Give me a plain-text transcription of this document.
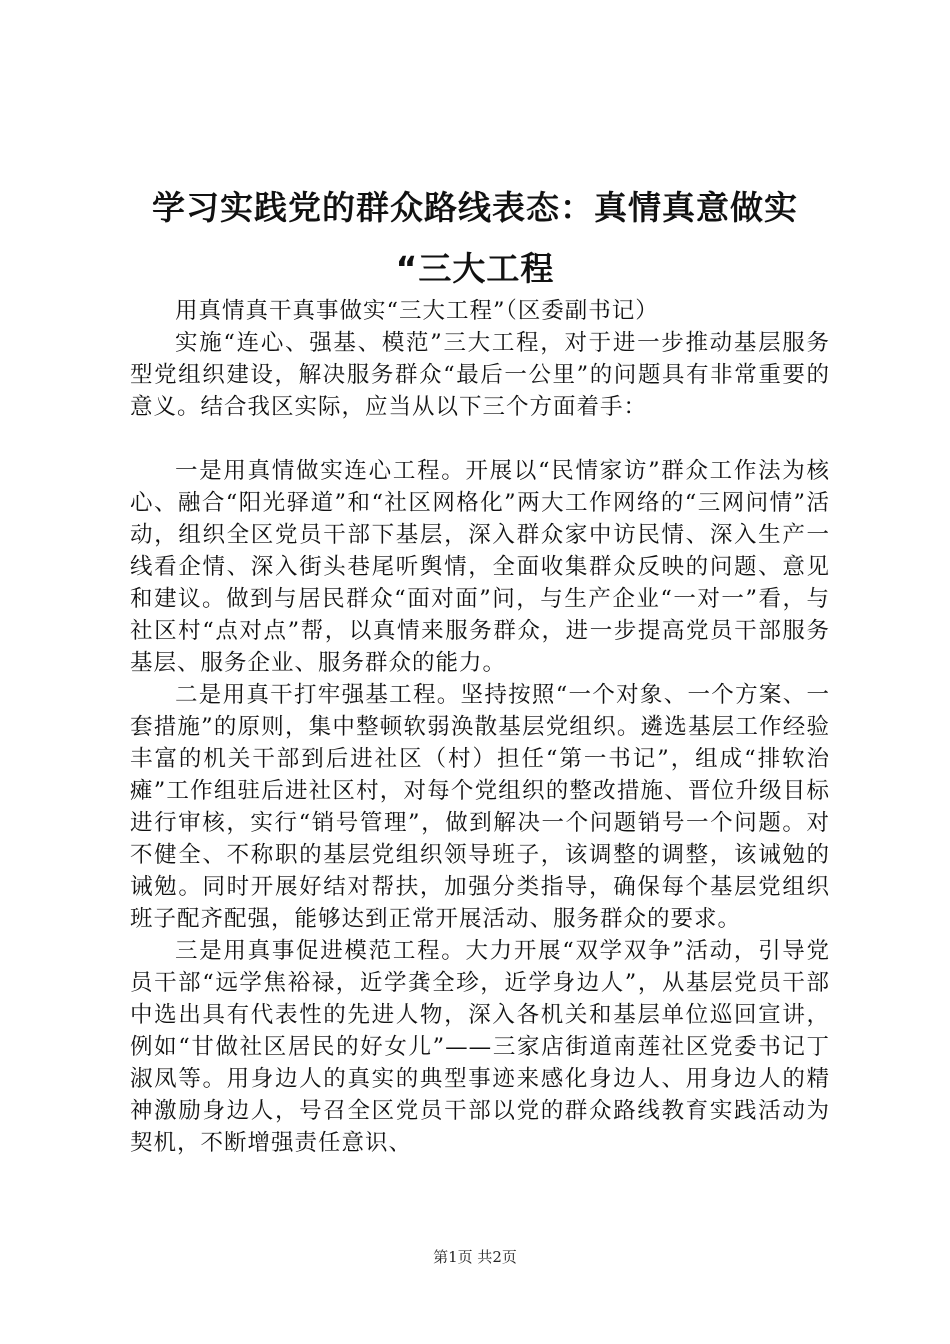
学习实践党的群众路线表态：真情真意做实
“三大工程

用真情真干真事做实“三大工程”（区委副书记）

实施“连心、强基、模范”三大工程，对于进一步推动基层服务型党组织建设，解决服务群众“最后一公里”的问题具有非常重要的意义。结合我区实际，应当从以下三个方面着手：

一是用真情做实连心工程。开展以“民情家访”群众工作法为核心、融合“阳光驿道”和“社区网格化”两大工作网络的“三网问情”活动，组织全区党员干部下基层，深入群众家中访民情、深入生产一线看企情、深入街头巷尾听舆情，全面收集群众反映的问题、意见和建议。做到与居民群众“面对面”问，与生产企业“一对一”看，与社区村“点对点”帮，以真情来服务群众，进一步提高党员干部服务基层、服务企业、服务群众的能力。

二是用真干打牢强基工程。坚持按照“一个对象、一个方案、一套措施”的原则，集中整顿软弱涣散基层党组织。遴选基层工作经验丰富的机关干部到后进社区（村）担任“第一书记”，组成“排软治瘫”工作组驻后进社区村，对每个党组织的整改措施、晋位升级目标进行审核，实行“销号管理”，做到解决一个问题销号一个问题。对不健全、不称职的基层党组织领导班子，该调整的调整，该诫勉的诫勉。同时开展好结对帮扶，加强分类指导，确保每个基层党组织班子配齐配强，能够达到正常开展活动、服务群众的要求。

三是用真事促进模范工程。大力开展“双学双争”活动，引导党员干部“远学焦裕禄，近学龚全珍，近学身边人”，从基层党员干部中选出具有代表性的先进人物，深入各机关和基层单位巡回宣讲，例如“甘做社区居民的好女儿”——三家店街道南莲社区党委书记丁淑凤等。用身边人的真实的典型事迹来感化身边人、用身边人的精神激励身边人，号召全区党员干部以党的群众路线教育实践活动为契机，不断增强责任意识、

第1页 共2页
